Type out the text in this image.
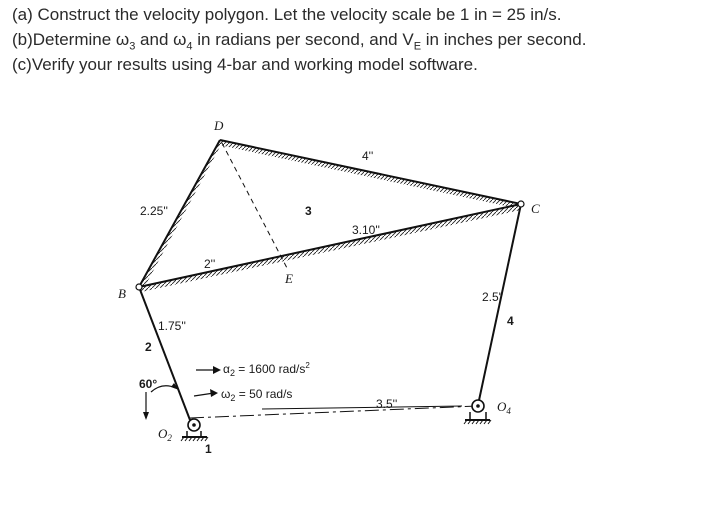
(a) Construct the velocity polygon. Let the velocity scale be 1 in = 25 in/s.
(b)Determine $\omega_3$ and $\omega_4$ in radians per second, and $V_E$ in inches per second.
(c)Verify your results using 4-bar and working model software.
D
B
C
E
$O_2$
$O_4$
2.25''
4''
3.10''
2''
1.75''
2.5''
3.5''
3
2
4
1
60°
$\alpha_2 = 1600$ rad/$s^2$
$\omega_2 = 50$ rad/s
